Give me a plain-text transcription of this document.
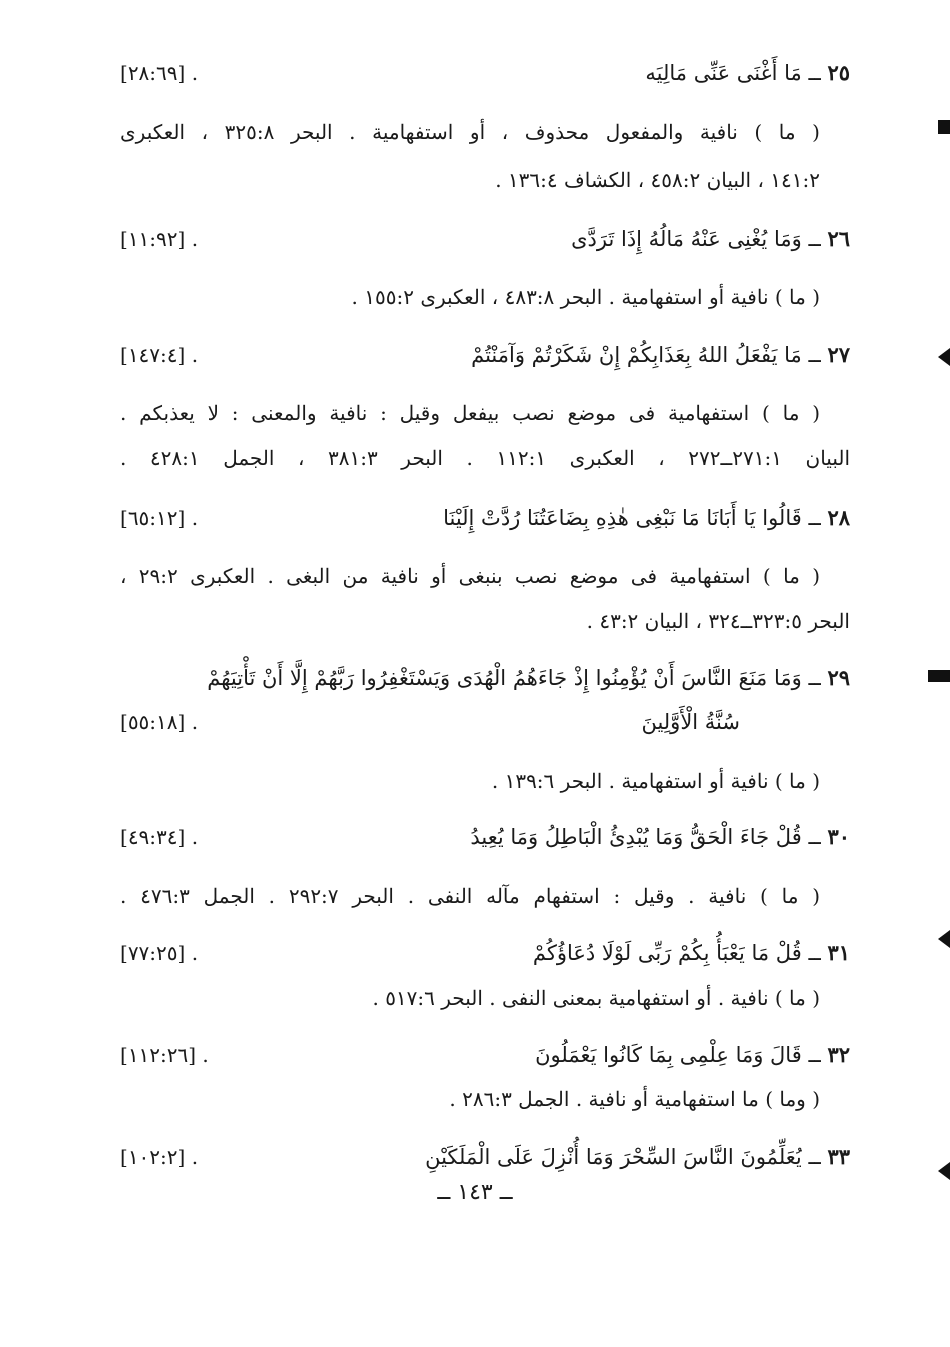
٢٥ ــ مَا أَغْنَى عَنِّى مَالِيَه
[٢٨:٦٩] .
( ما ) نافية والمفعول محذوف ، أو استفهامية . البحر ٣٢٥:٨ ، العكبرى
١٤١:٢ ، البيان ٤٥٨:٢ ، الكشاف ١٣٦:٤ .
٢٦ ــ وَمَا يُغْنِى عَنْهُ مَالُهُ إِذَا تَرَدَّى
[١١:٩٢] .
( ما ) نافية أو استفهامية . البحر ٤٨٣:٨ ، العكبرى ١٥٥:٢ .
٢٧ ــ مَا يَفْعَلُ اللهُ بِعَذَابِكُمْ إِنْ شَكَرْتُمْ وَآمَنْتُمْ
[١٤٧:٤] .
( ما ) استفهامية فى موضع نصب بيفعل وقيل : نافية والمعنى : لا يعذبكم .
البيان ٢٧١:١ــ٢٧٢ ، العكبرى ١١٢:١ . البحر ٣٨١:٣ ، الجمل ٤٢٨:١ .
٢٨ ــ قَالُوا يَا أَبَانَا مَا نَبْغِى هٰذِهِ بِضَاعَتُنَا رُدَّتْ إِلَيْنَا
[٦٥:١٢] .
( ما ) استفهامية فى موضع نصب بنبغى أو نافية من البغى . العكبرى ٢٩:٢ ،
البحر ٣٢٣:٥ــ٣٢٤ ، البيان ٤٣:٢ .
٢٩ ــ وَمَا مَنَعَ النَّاسَ أَنْ يُؤْمِنُوا إِذْ جَاءَهُمُ الْهُدَى وَيَسْتَغْفِرُوا رَبَّهُمْ إِلَّا أَنْ تَأْتِيَهُمْ
سُنَّةُ الْأَوَّلِينَ
[٥٥:١٨] .
( ما ) نافية أو استفهامية . البحر ١٣٩:٦ .
٣٠ ــ قُلْ جَاءَ الْحَقُّ وَمَا يُبْدِئُ الْبَاطِلُ وَمَا يُعِيدُ
[٤٩:٣٤] .
( ما ) نافية . وقيل : استفهام مآله النفى . البحر ٢٩٢:٧ . الجمل ٤٧٦:٣ .
٣١ ــ قُلْ مَا يَعْبَأُ بِكُمْ رَبِّى لَوْلَا دُعَاؤُكُمْ
[٧٧:٢٥] .
( ما ) نافية . أو استفهامية بمعنى النفى . البحر ٥١٧:٦ .
٣٢ ــ قَالَ وَمَا عِلْمِى بِمَا كَانُوا يَعْمَلُونَ
[١١٢:٢٦] .
( وما ) ما استفهامية أو نافية . الجمل ٢٨٦:٣ .
٣٣ ــ يُعَلِّمُونَ النَّاسَ السِّحْرَ وَمَا أُنْزِلَ عَلَى الْمَلَكَيْنِ
[١٠٢:٢] .
ــ ١٤٣ ــ
